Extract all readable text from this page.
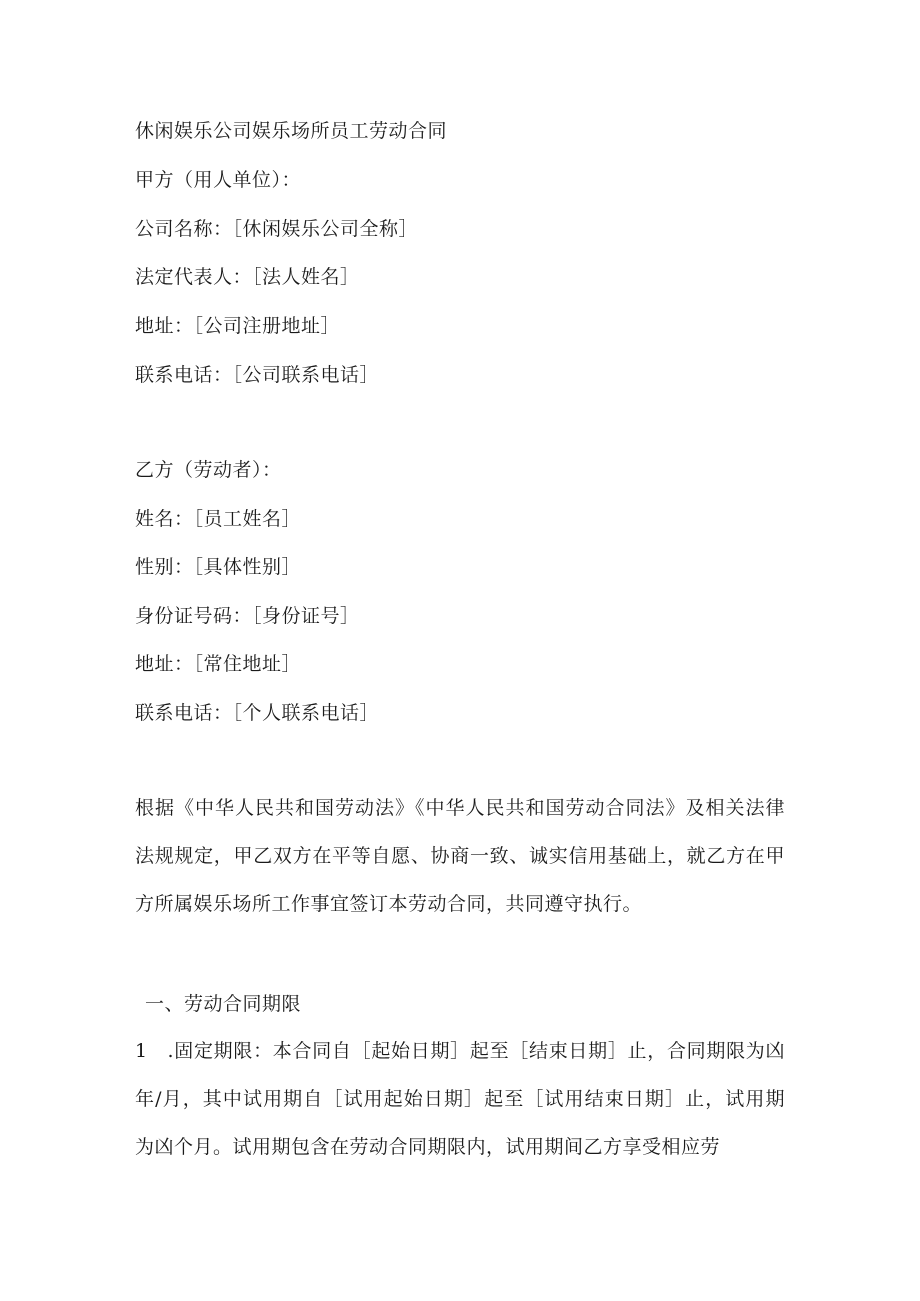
休闲娱乐公司娱乐场所员工劳动合同
甲方（用人单位）：
公司名称：［休闲娱乐公司全称］
法定代表人：［法人姓名］
地址：［公司注册地址］
联系电话：［公司联系电话］
乙方（劳动者）：
姓名：［员工姓名］
性别：［具体性别］
身份证号码：［身份证号］
地址：［常住地址］
联系电话：［个人联系电话］
根据《中华人民共和国劳动法》《中华人民共和国劳动合同法》及相关法律法规规定，甲乙双方在平等自愿、协商一致、诚实信用基础上，就乙方在甲方所属娱乐场所工作事宜签订本劳动合同，共同遵守执行。
一、劳动合同期限
1　.固定期限：本合同自［起始日期］起至［结束日期］止，合同期限为凶年/月，其中试用期自［试用起始日期］起至［试用结束日期］止，试用期为凶个月。试用期包含在劳动合同期限内，试用期间乙方享受相应劳
